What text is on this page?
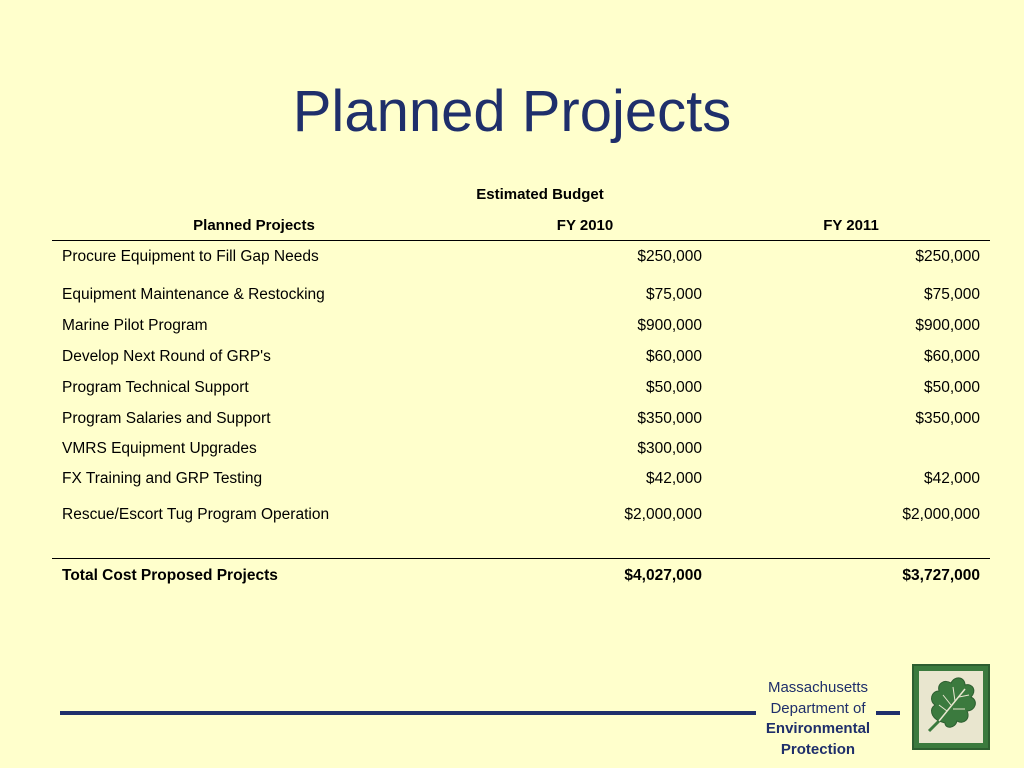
Planned Projects
Estimated Budget
Planned Projects	FY 2010	FY 2011
Procure Equipment to Fill Gap Needs	$250,000	$250,000
Equipment Maintenance & Restocking	$75,000	$75,000
Marine Pilot Program	$900,000	$900,000
Develop Next Round of GRP's	$60,000	$60,000
Program Technical Support	$50,000	$50,000
Program Salaries and Support	$350,000	$350,000
VMRS Equipment Upgrades	$300,000
FX Training and GRP Testing	$42,000	$42,000
Rescue/Escort Tug Program Operation	$2,000,000	$2,000,000
Total Cost Proposed Projects	$4,027,000	$3,727,000
Massachusetts
Department of
Environmental
Protection
